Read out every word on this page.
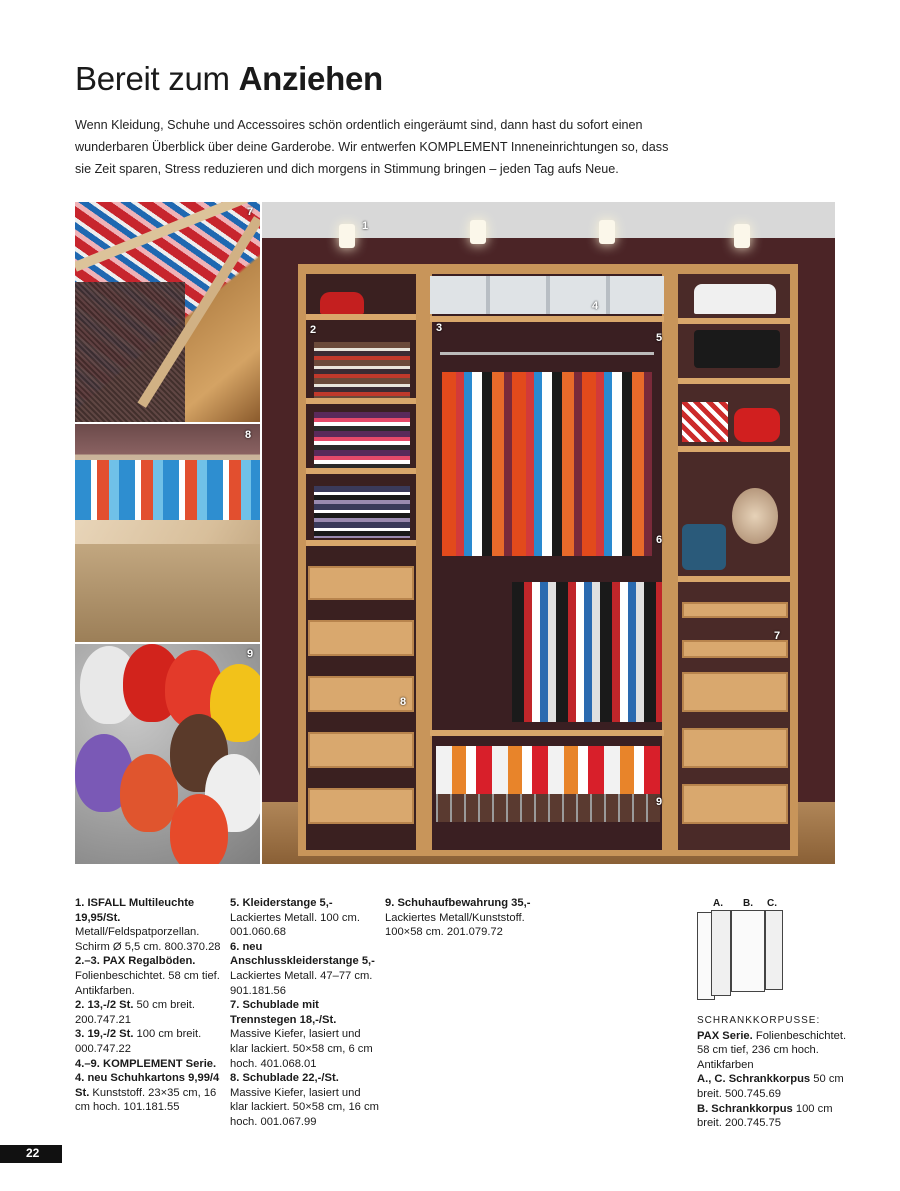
Bereit zum Anziehen

Wenn Kleidung, Schuhe und Accessoires schön ordentlich eingeräumt sind, dann hast du sofort einen wunderbaren Überblick über deine Garderobe. Wir entwerfen KOMPLEMENT Inneneinrichtungen so, dass sie Zeit sparen, Stress reduzieren und dich morgens in Stimmung bringen – jeden Tag aufs Neue.

7
8
9
1
2	3
4
5
6
7
8
9

1. ISFALL Multileuchte 19,95/St. Metall/Feldspatporzellan. Schirm Ø 5,5 cm. 800.370.28

2.–3. PAX Regalböden. Folienbeschichtet. 58 cm tief. Antikfarben.

2. 13,-/2 St. 50 cm breit. 200.747.21

3. 19,-/2 St. 100 cm breit. 000.747.22

4.–9. KOMPLEMENT Serie.

4. neu Schuhkartons 9,99/4 St. Kunststoff. 23×35 cm, 16 cm hoch. 101.181.55

5. Kleiderstange 5,- Lackiertes Metall. 100 cm. 001.060.68

6. neu Anschlusskleiderstange 5,- Lackiertes Metall. 47–77 cm. 901.181.56

7. Schublade mit Trennstegen 18,-/St. Massive Kiefer, lasiert und klar lackiert. 50×58 cm, 6 cm hoch. 401.068.01

8. Schublade 22,-/St. Massive Kiefer, lasiert und klar lackiert. 50×58 cm, 16 cm hoch. 001.067.99

9. Schuhaufbewahrung 35,- Lackiertes Metall/Kunststoff. 100×58 cm. 201.079.72

A. B. C.

SCHRANKKORPUSSE:

PAX Serie. Folienbeschichtet. 58 cm tief, 236 cm hoch. Antikfarben

A., C. Schrankkorpus 50 cm breit. 500.745.69

B. Schrankkorpus 100 cm breit. 200.745.75

22
